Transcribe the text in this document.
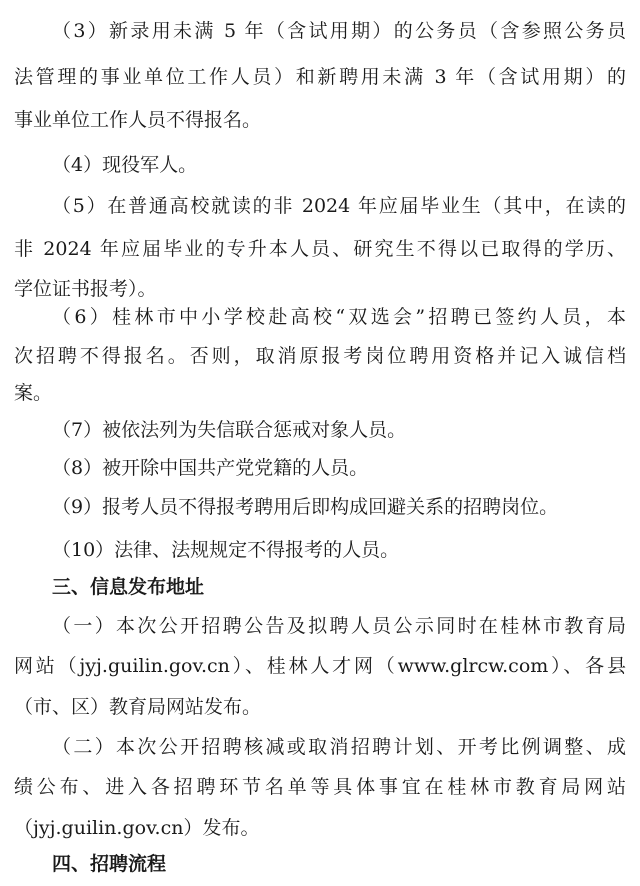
（3）新录用未满 5 年（含试用期）的公务员（含参照公务员
法管理的事业单位工作人员）和新聘用未满 3 年（含试用期）的
事业单位工作人员不得报名。
（4）现役军人。
（5）在普通高校就读的非 2024 年应届毕业生（其中，在读的
非 2024 年应届毕业的专升本人员、研究生不得以已取得的学历、
学位证书报考）。
（6）桂林市中小学校赴高校“双选会”招聘已签约人员，本
次招聘不得报名。否则，取消原报考岗位聘用资格并记入诚信档
案。
（7）被依法列为失信联合惩戒对象人员。
（8）被开除中国共产党党籍的人员。
（9）报考人员不得报考聘用后即构成回避关系的招聘岗位。
（10）法律、法规规定不得报考的人员。
三、信息发布地址
（一）本次公开招聘公告及拟聘人员公示同时在桂林市教育局
网站（jyj.guilin.gov.cn）、桂林人才网（www.glrcw.com）、各县
（市、区）教育局网站发布。
（二）本次公开招聘核减或取消招聘计划、开考比例调整、成
绩公布、进入各招聘环节名单等具体事宜在桂林市教育局网站
（jyj.guilin.gov.cn）发布。
四、招聘流程
